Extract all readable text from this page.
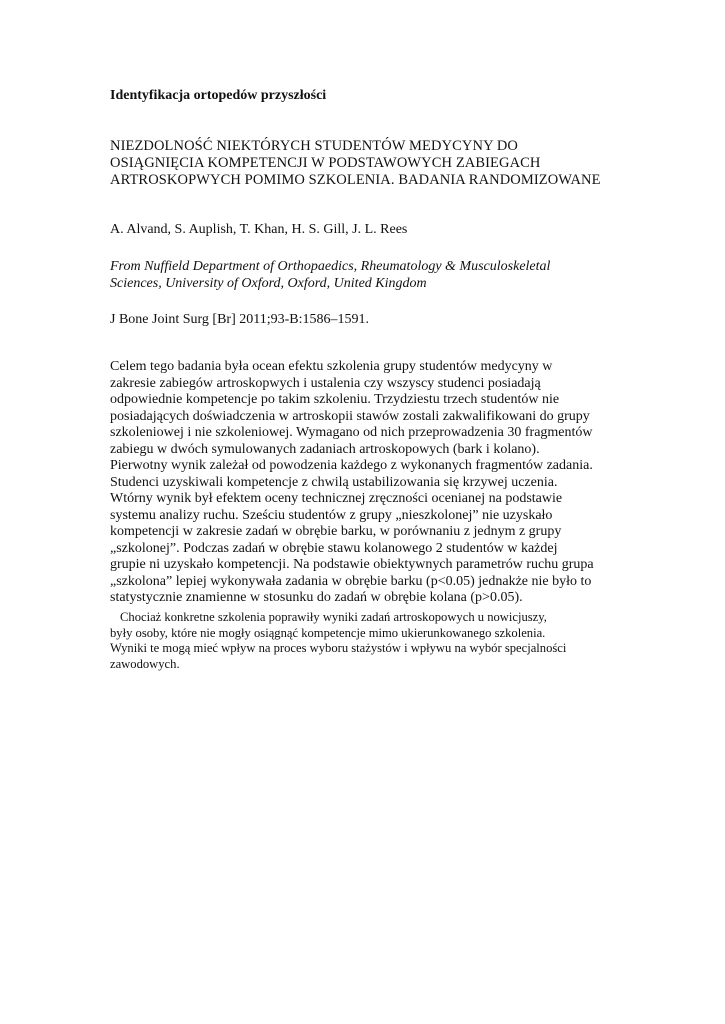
Identyfikacja ortopedów przyszłości

NIEZDOLNOŚĆ NIEKTÓRYCH STUDENTÓW MEDYCYNY DO
OSIĄGNIĘCIA KOMPETENCJI W PODSTAWOWYCH ZABIEGACH
ARTROSKOPWYCH POMIMO SZKOLENIA. BADANIA RANDOMIZOWANE

A. Alvand, S. Auplish, T. Khan, H. S. Gill, J. L. Rees

From Nuffield Department of Orthopaedics, Rheumatology & Musculoskeletal
Sciences, University of Oxford, Oxford, United Kingdom

J Bone Joint Surg [Br] 2011;93-B:1586–1591.

Celem tego badania była ocean efektu szkolenia grupy studentów medycyny w
zakresie zabiegów artroskopwych i ustalenia czy wszyscy studenci posiadają
odpowiednie kompetencje po takim szkoleniu. Trzydziestu trzech studentów nie
posiadających doświadczenia w artroskopii stawów zostali zakwalifikowani do grupy
szkoleniowej i nie szkoleniowej. Wymagano od nich przeprowadzenia 30 fragmentów
zabiegu w dwóch symulowanych zadaniach artroskopowych (bark i kolano).
Pierwotny wynik zależał od powodzenia każdego z wykonanych fragmentów zadania.
Studenci uzyskiwali kompetencje z chwilą ustabilizowania się krzywej uczenia.
Wtórny wynik był efektem oceny technicznej zręczności ocenianej na podstawie
systemu analizy ruchu. Sześciu studentów z grupy „nieszkolonej” nie uzyskało
kompetencji w zakresie zadań w obrębie barku, w porównaniu z jednym z grupy
„szkolonej”. Podczas zadań w obrębie stawu kolanowego 2 studentów w każdej
grupie ni uzyskało kompetencji. Na podstawie obiektywnych parametrów ruchu grupa
„szkolona” lepiej wykonywała zadania w obrębie barku (p<0.05) jednakże nie było to
statystycznie znamienne w stosunku do zadań w obrębie kolana (p>0.05).

Chociaż konkretne szkolenia poprawiły wyniki zadań artroskopowych u nowicjuszy,
były osoby, które nie mogły osiągnąć kompetencje mimo ukierunkowanego szkolenia.
Wyniki te mogą mieć wpływ na proces wyboru stażystów i wpływu na wybór specjalności
zawodowych.
